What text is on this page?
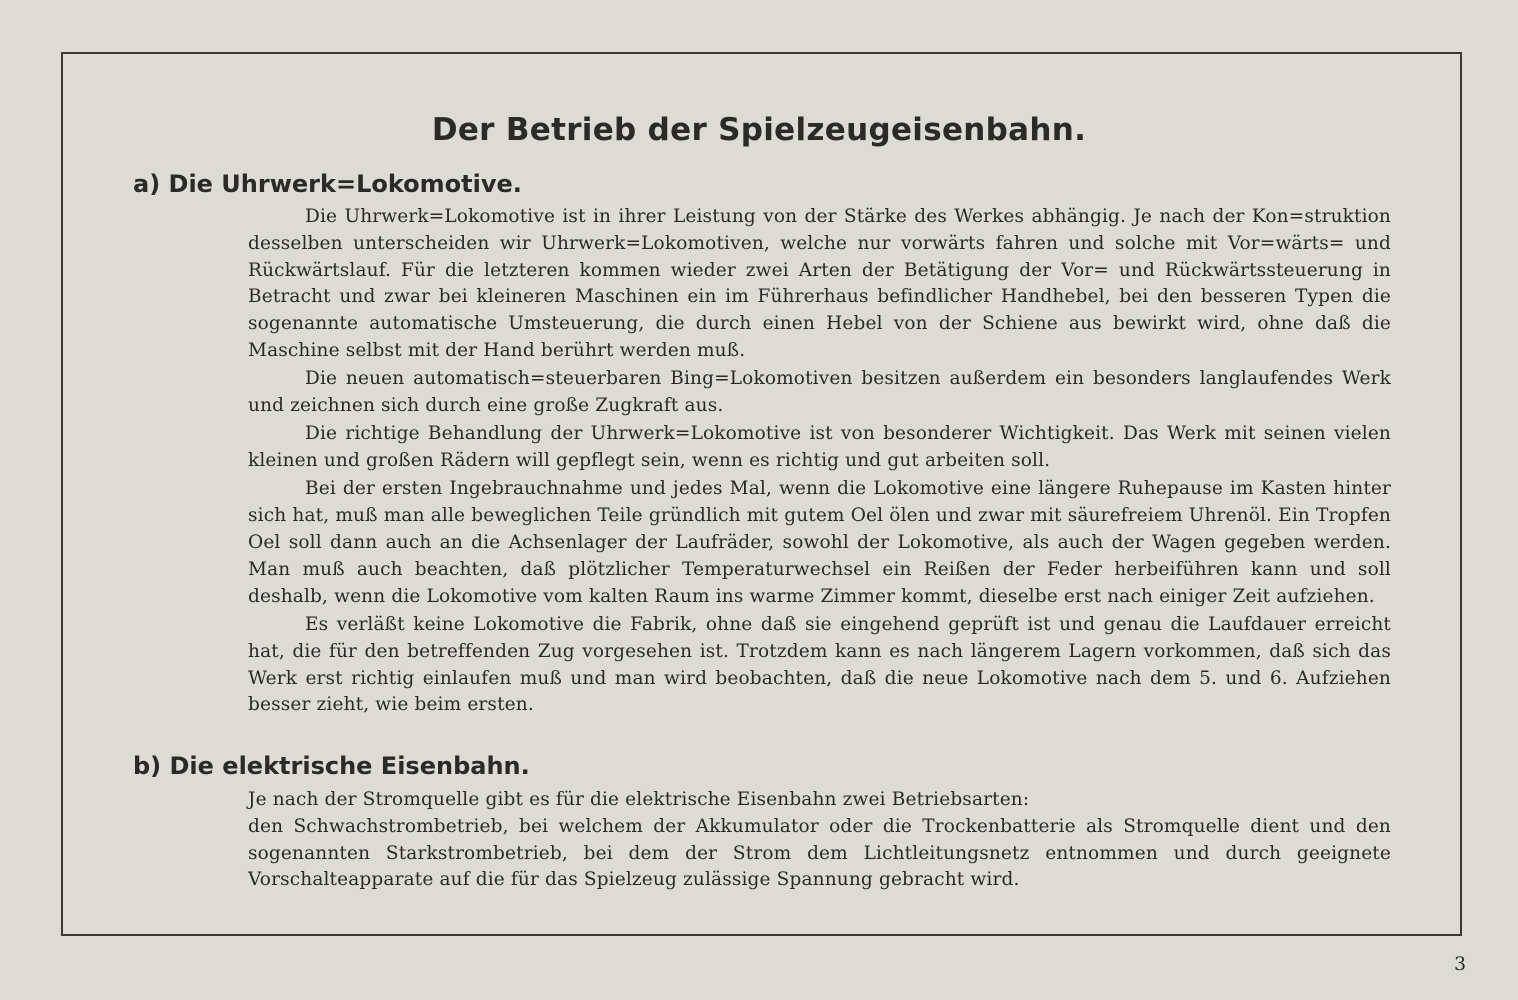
Der Betrieb der Spielzeugeisenbahn.
a) Die Uhrwerk=Lokomotive.

Die Uhrwerk=Lokomotive ist in ihrer Leistung von der Stärke des Werkes abhängig. Je nach der Kon=struktion desselben unterscheiden wir Uhrwerk=Lokomotiven, welche nur vorwärts fahren und solche mit Vor=wärts= und Rückwärtslauf. Für die letzteren kommen wieder zwei Arten der Betätigung der Vor= und Rückwärtssteuerung in Betracht und zwar bei kleineren Maschinen ein im Führerhaus befindlicher Handhebel, bei den besseren Typen die sogenannte automatische Umsteuerung, die durch einen Hebel von der Schiene aus bewirkt wird, ohne daß die Maschine selbst mit der Hand berührt werden muß.

Die neuen automatisch=steuerbaren Bing=Lokomotiven besitzen außerdem ein besonders langlaufendes Werk und zeichnen sich durch eine große Zugkraft aus.

Die richtige Behandlung der Uhrwerk=Lokomotive ist von besonderer Wichtigkeit. Das Werk mit seinen vielen kleinen und großen Rädern will gepflegt sein, wenn es richtig und gut arbeiten soll.

Bei der ersten Ingebrauchnahme und jedes Mal, wenn die Lokomotive eine längere Ruhepause im Kasten hinter sich hat, muß man alle beweglichen Teile gründlich mit gutem Oel ölen und zwar mit säurefreiem Uhrenöl. Ein Tropfen Oel soll dann auch an die Achsenlager der Laufräder, sowohl der Lokomotive, als auch der Wagen gegeben werden. Man muß auch beachten, daß plötzlicher Temperaturwechsel ein Reißen der Feder herbeiführen kann und soll deshalb, wenn die Lokomotive vom kalten Raum ins warme Zimmer kommt, dieselbe erst nach einiger Zeit aufziehen.

Es verläßt keine Lokomotive die Fabrik, ohne daß sie eingehend geprüft ist und genau die Laufdauer erreicht hat, die für den betreffenden Zug vorgesehen ist. Trotzdem kann es nach längerem Lagern vorkommen, daß sich das Werk erst richtig einlaufen muß und man wird beobachten, daß die neue Lokomotive nach dem 5. und 6. Aufziehen besser zieht, wie beim ersten.

b) Die elektrische Eisenbahn.

Je nach der Stromquelle gibt es für die elektrische Eisenbahn zwei Betriebsarten:

den Schwachstrombetrieb, bei welchem der Akkumulator oder die Trockenbatterie als Stromquelle dient und den sogenannten Starkstrombetrieb, bei dem der Strom dem Lichtleitungsnetz entnommen und durch geeignete Vorschalteapparate auf die für das Spielzeug zulässige Spannung gebracht wird.

3
